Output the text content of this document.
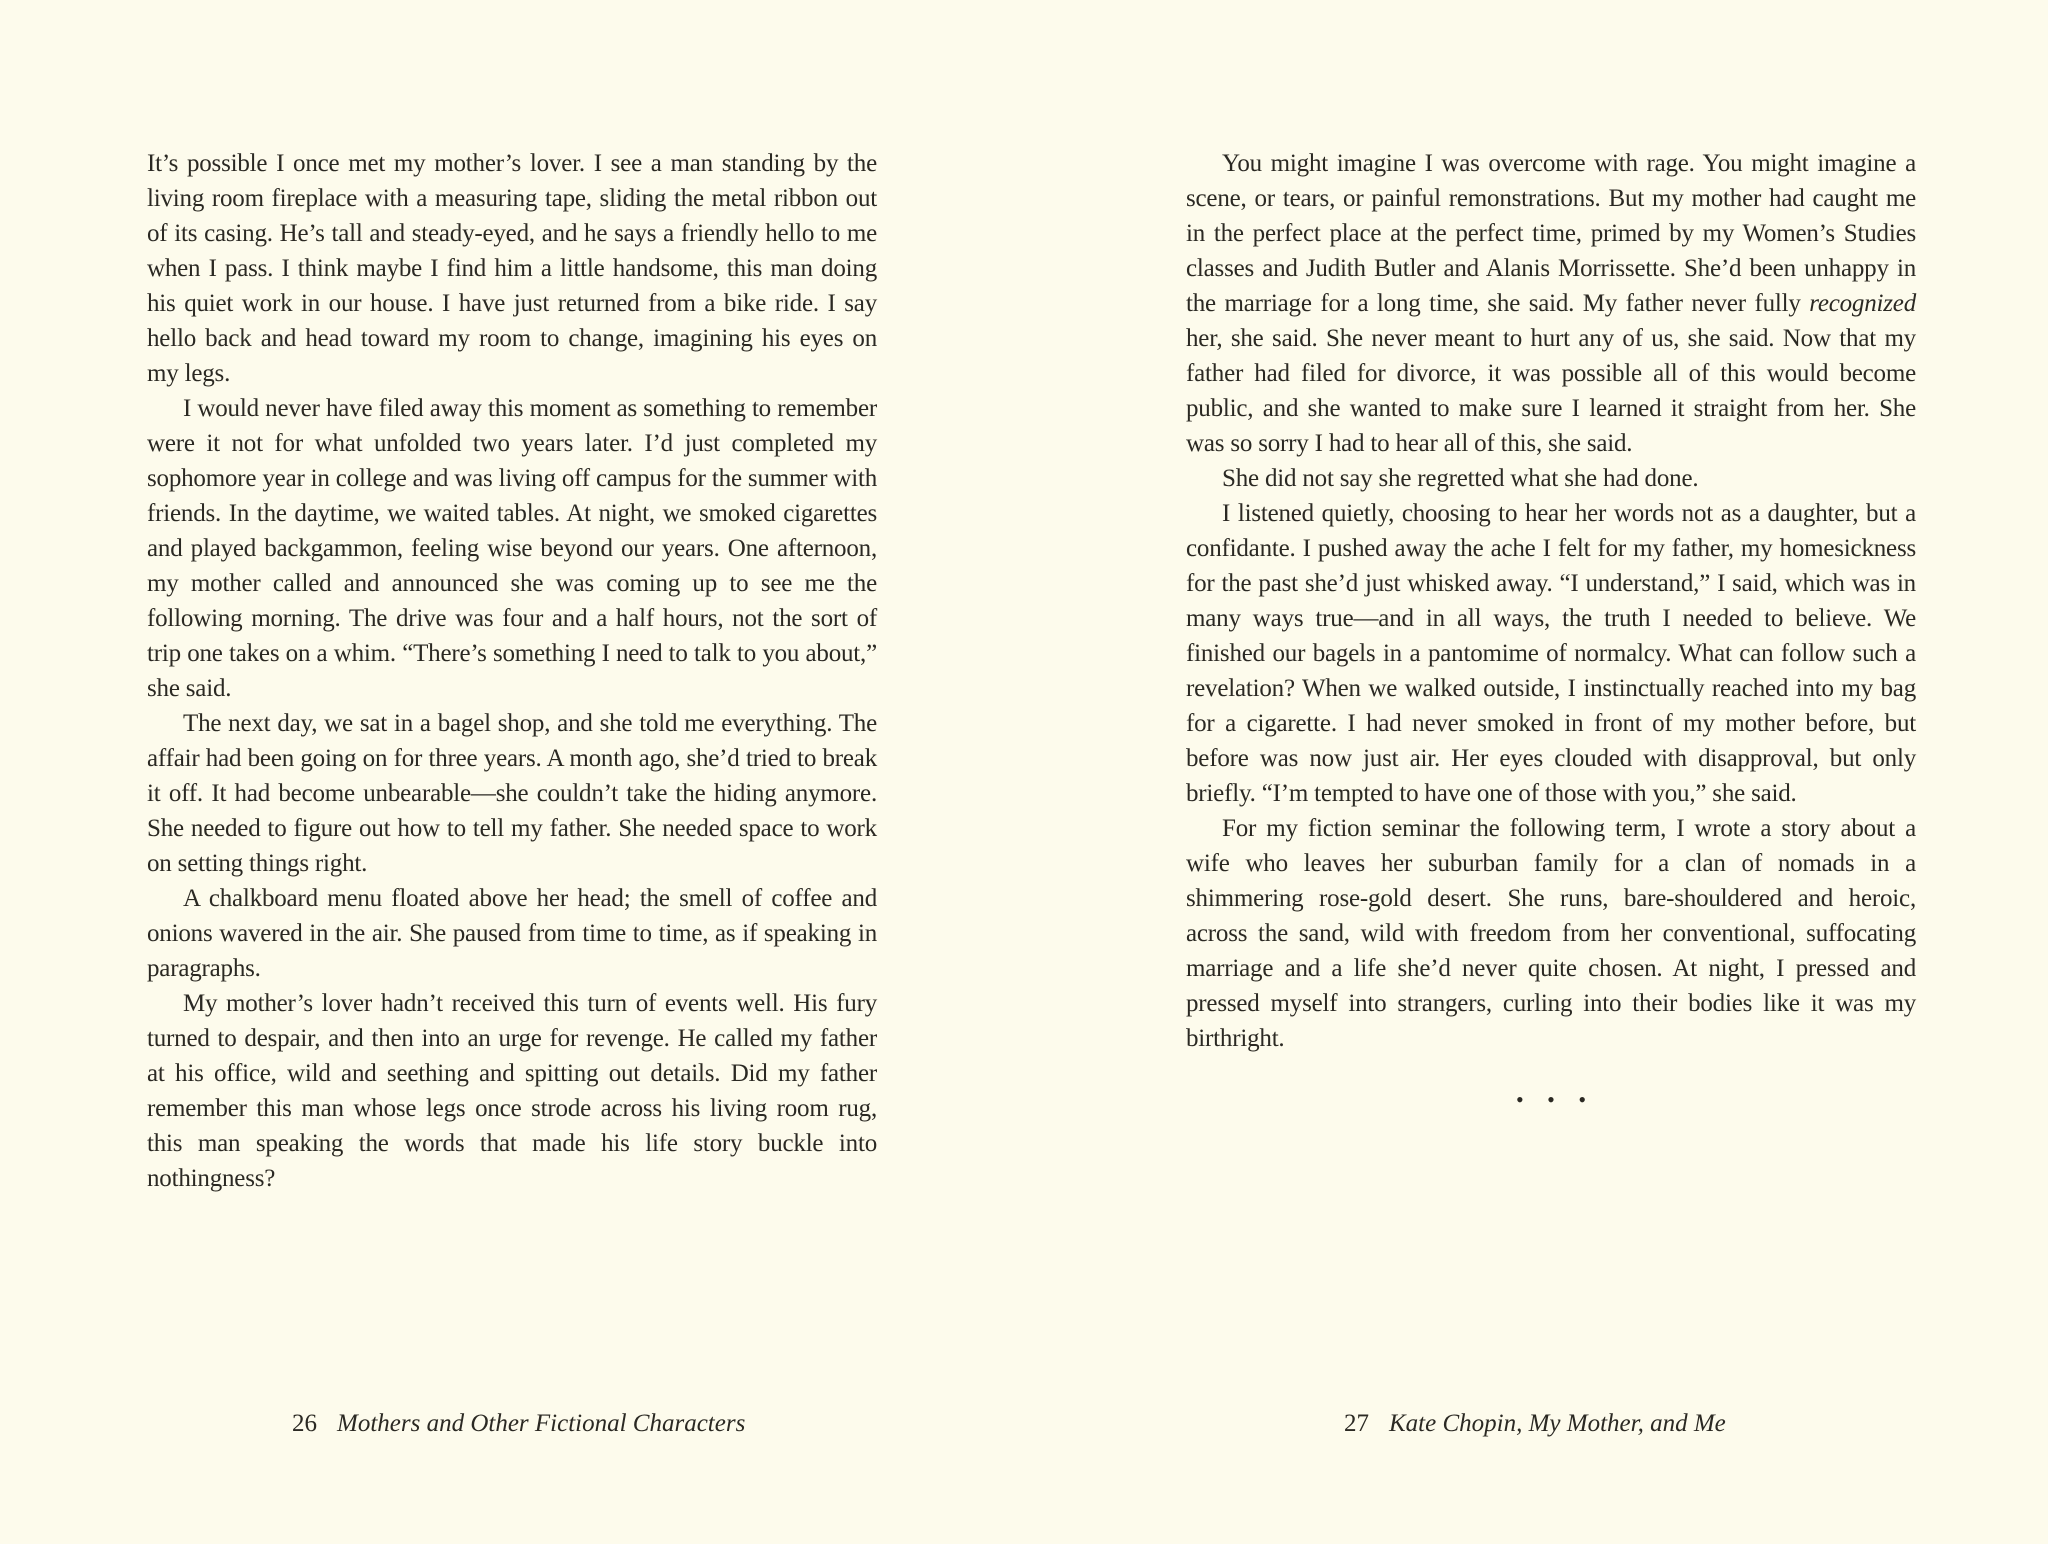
It’s possible I once met my mother’s lover. I see a man standing by the living room fireplace with a measuring tape, sliding the metal ribbon out of its casing. He’s tall and steady-eyed, and he says a friendly hello to me when I pass. I think maybe I find him a little handsome, this man doing his quiet work in our house. I have just returned from a bike ride. I say hello back and head toward my room to change, imagining his eyes on my legs.

I would never have filed away this moment as something to remember were it not for what unfolded two years later. I’d just completed my sophomore year in college and was living off campus for the summer with friends. In the daytime, we waited tables. At night, we smoked cigarettes and played backgammon, feeling wise beyond our years. One afternoon, my mother called and announced she was coming up to see me the following morning. The drive was four and a half hours, not the sort of trip one takes on a whim. “There’s something I need to talk to you about,” she said.

The next day, we sat in a bagel shop, and she told me everything. The affair had been going on for three years. A month ago, she’d tried to break it off. It had become unbearable—she couldn’t take the hiding anymore. She needed to figure out how to tell my father. She needed space to work on setting things right.

A chalkboard menu floated above her head; the smell of coffee and onions wavered in the air. She paused from time to time, as if speaking in paragraphs.

My mother’s lover hadn’t received this turn of events well. His fury turned to despair, and then into an urge for revenge. He called my father at his office, wild and seething and spitting out details. Did my father remember this man whose legs once strode across his living room rug, this man speaking the words that made his life story buckle into nothingness?

26 Mothers and Other Fictional Characters

You might imagine I was overcome with rage. You might imagine a scene, or tears, or painful remonstrations. But my mother had caught me in the perfect place at the perfect time, primed by my Women’s Studies classes and Judith Butler and Alanis Morrissette. She’d been unhappy in the marriage for a long time, she said. My father never fully recognized her, she said. She never meant to hurt any of us, she said. Now that my father had filed for divorce, it was possible all of this would become public, and she wanted to make sure I learned it straight from her. She was so sorry I had to hear all of this, she said.

She did not say she regretted what she had done.

I listened quietly, choosing to hear her words not as a daughter, but a confidante. I pushed away the ache I felt for my father, my homesickness for the past she’d just whisked away. “I understand,” I said, which was in many ways true—and in all ways, the truth I needed to believe. We finished our bagels in a pantomime of normalcy. What can follow such a revelation? When we walked outside, I instinctually reached into my bag for a cigarette. I had never smoked in front of my mother before, but before was now just air. Her eyes clouded with disapproval, but only briefly. “I’m tempted to have one of those with you,” she said.

For my fiction seminar the following term, I wrote a story about a wife who leaves her suburban family for a clan of nomads in a shimmering rose-gold desert. She runs, bare-shouldered and heroic, across the sand, wild with freedom from her conventional, suffocating marriage and a life she’d never quite chosen. At night, I pressed and pressed myself into strangers, curling into their bodies like it was my birthright.

• • •
27 Kate Chopin, My Mother, and Me
